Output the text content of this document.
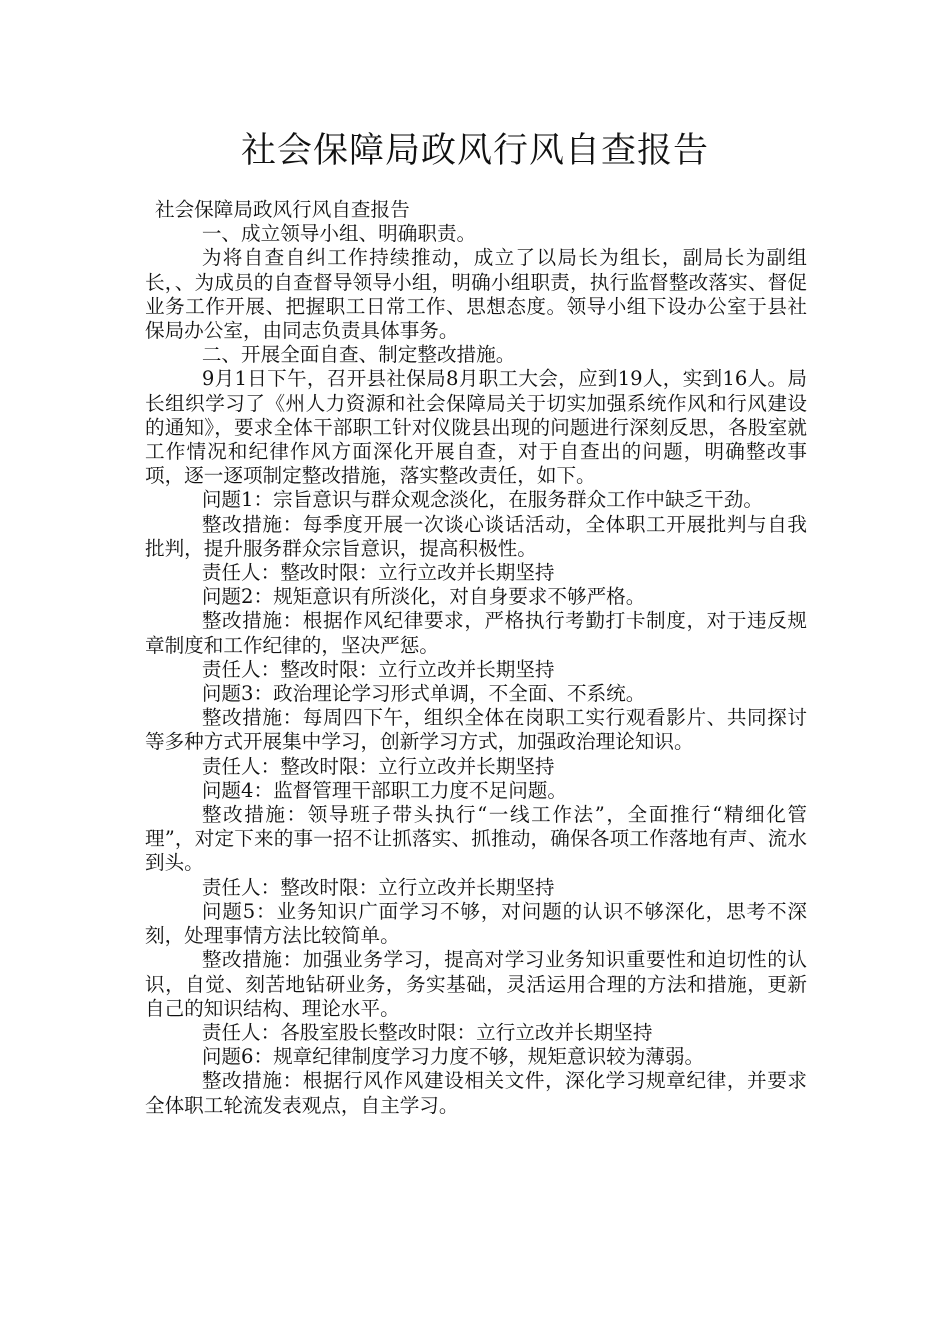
社会保障局政风行风自查报告

社会保障局政风行风自查报告

一、成立领导小组、明确职责。

为将自查自纠工作持续推动，成立了以局长为组长，副局长为副组长，、为成员的自查督导领导小组，明确小组职责，执行监督整改落实、督促业务工作开展、把握职工日常工作、思想态度。领导小组下设办公室于县社保局办公室，由同志负责具体事务。

二、开展全面自查、制定整改措施。

9月1日下午，召开县社保局8月职工大会，应到19人，实到16人。局长组织学习了《州人力资源和社会保障局关于切实加强系统作风和行风建设的通知》，要求全体干部职工针对仪陇县出现的问题进行深刻反思，各股室就工作情况和纪律作风方面深化开展自查，对于自查出的问题，明确整改事项，逐一逐项制定整改措施，落实整改责任，如下。

问题1：宗旨意识与群众观念淡化，在服务群众工作中缺乏干劲。

整改措施：每季度开展一次谈心谈话活动，全体职工开展批判与自我批判，提升服务群众宗旨意识，提高积极性。

责任人：整改时限：立行立改并长期坚持

问题2：规矩意识有所淡化，对自身要求不够严格。

整改措施：根据作风纪律要求，严格执行考勤打卡制度，对于违反规章制度和工作纪律的，坚决严惩。

责任人：整改时限：立行立改并长期坚持

问题3：政治理论学习形式单调，不全面、不系统。

整改措施：每周四下午，组织全体在岗职工实行观看影片、共同探讨等多种方式开展集中学习，创新学习方式，加强政治理论知识。

责任人：整改时限：立行立改并长期坚持

问题4：监督管理干部职工力度不足问题。

整改措施：领导班子带头执行“一线工作法”，全面推行“精细化管理”，对定下来的事一招不让抓落实、抓推动，确保各项工作落地有声、流水到头。

责任人：整改时限：立行立改并长期坚持

问题5：业务知识广面学习不够，对问题的认识不够深化，思考不深刻，处理事情方法比较简单。

整改措施：加强业务学习，提高对学习业务知识重要性和迫切性的认识，自觉、刻苦地钻研业务，务实基础，灵活运用合理的方法和措施，更新自己的知识结构、理论水平。

责任人：各股室股长整改时限：立行立改并长期坚持

问题6：规章纪律制度学习力度不够，规矩意识较为薄弱。

整改措施：根据行风作风建设相关文件，深化学习规章纪律，并要求全体职工轮流发表观点，自主学习。
